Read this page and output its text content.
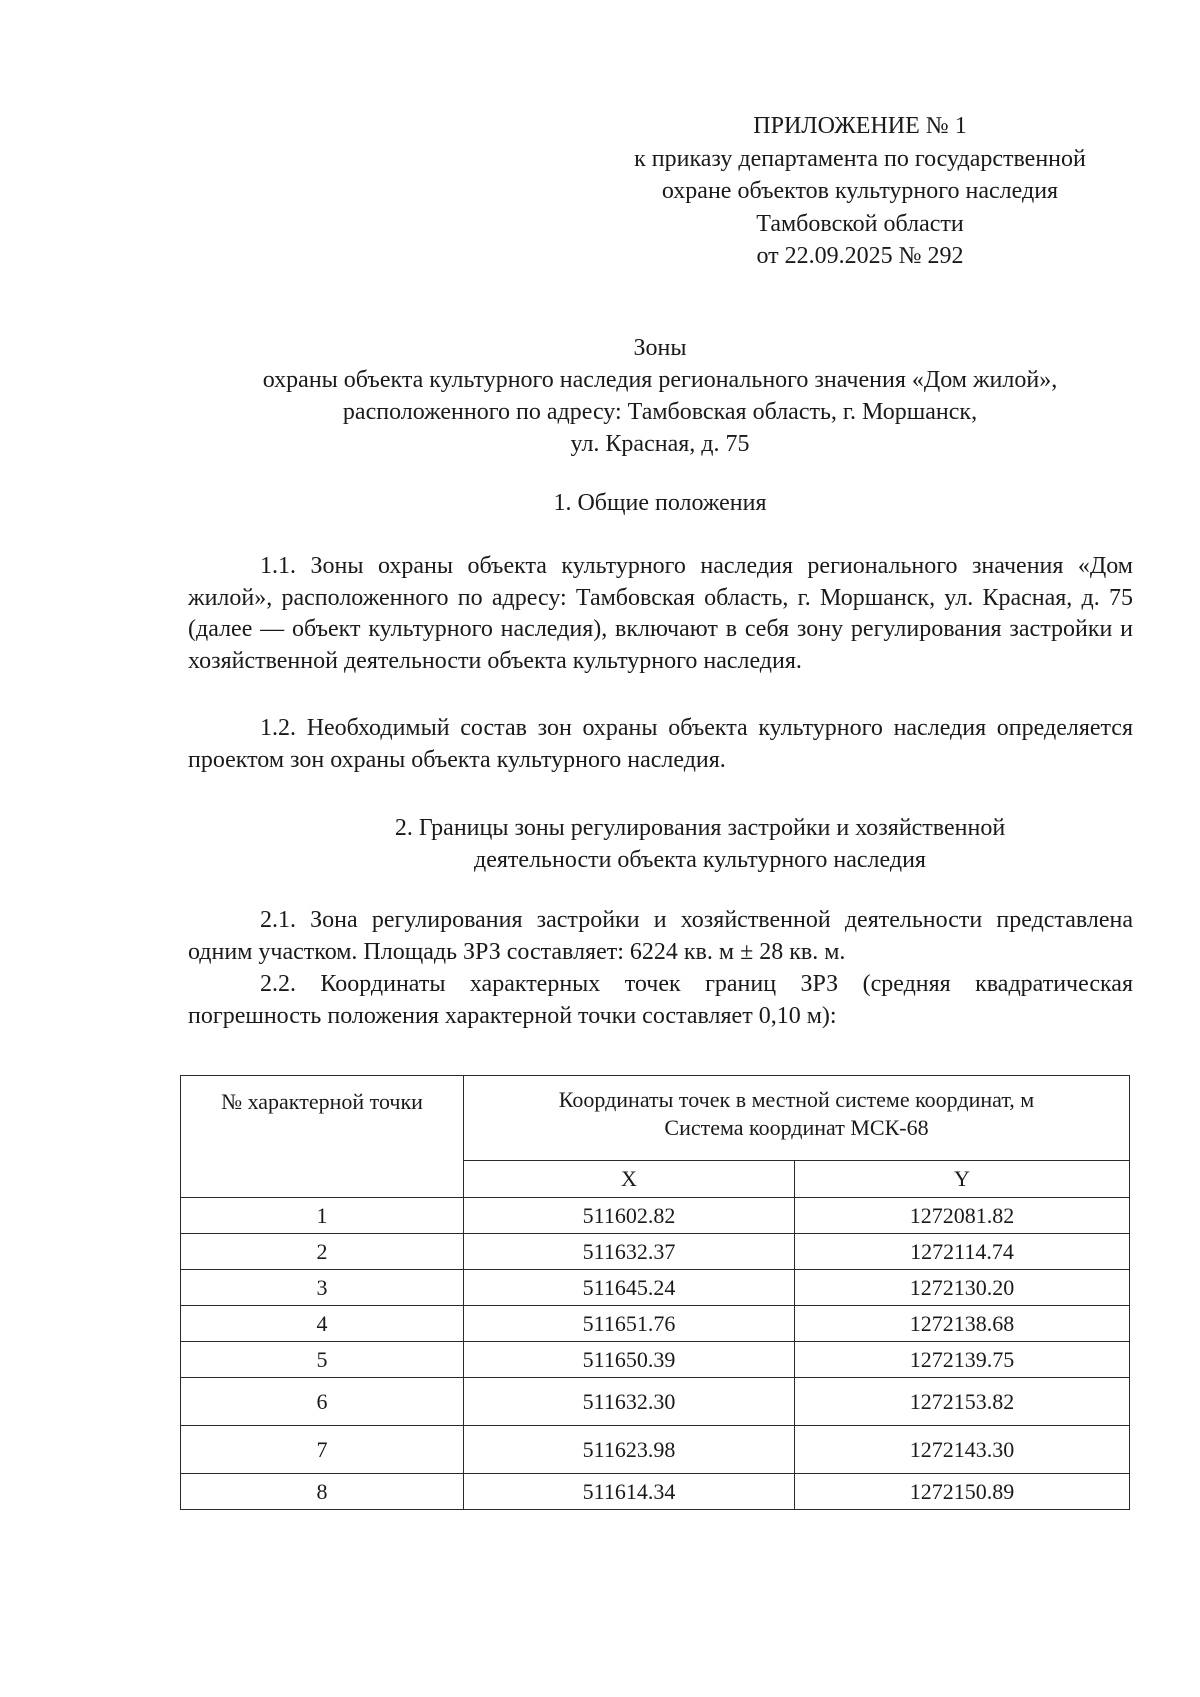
ПРИЛОЖЕНИЕ № 1
к приказу департамента по государственной
охране объектов культурного наследия
Тамбовской области
от 22.09.2025 № 292
Зоны
охраны объекта культурного наследия регионального значения «Дом жилой»,
расположенного по адресу: Тамбовская область, г. Моршанск,
ул. Красная, д. 75
1. Общие положения
1.1. Зоны охраны объекта культурного наследия регионального значения «Дом жилой», расположенного по адресу: Тамбовская область, г. Моршанск, ул. Красная, д. 75 (далее — объект культурного наследия), включают в себя зону регулирования застройки и хозяйственной деятельности объекта культурного наследия.
1.2. Необходимый состав зон охраны объекта культурного наследия определяется проектом зон охраны объекта культурного наследия.
2. Границы зоны регулирования застройки и хозяйственной
деятельности объекта культурного наследия
2.1. Зона регулирования застройки и хозяйственной деятельности представлена одним участком. Площадь ЗРЗ составляет: 6224 кв. м ± 28 кв. м.
2.2. Координаты характерных точек границ ЗРЗ (средняя квадратическая погрешность положения характерной точки составляет 0,10 м):
№ характерной точки	Координаты точек в местной системе координат, м
Система координат МСК-68	

	X	Y
1	511602.82	1272081.82
2	511632.37	1272114.74
3	511645.24	1272130.20
4	511651.76	1272138.68
5	511650.39	1272139.75
6	511632.30	1272153.82
7	511623.98	1272143.30
8	511614.34	1272150.89
